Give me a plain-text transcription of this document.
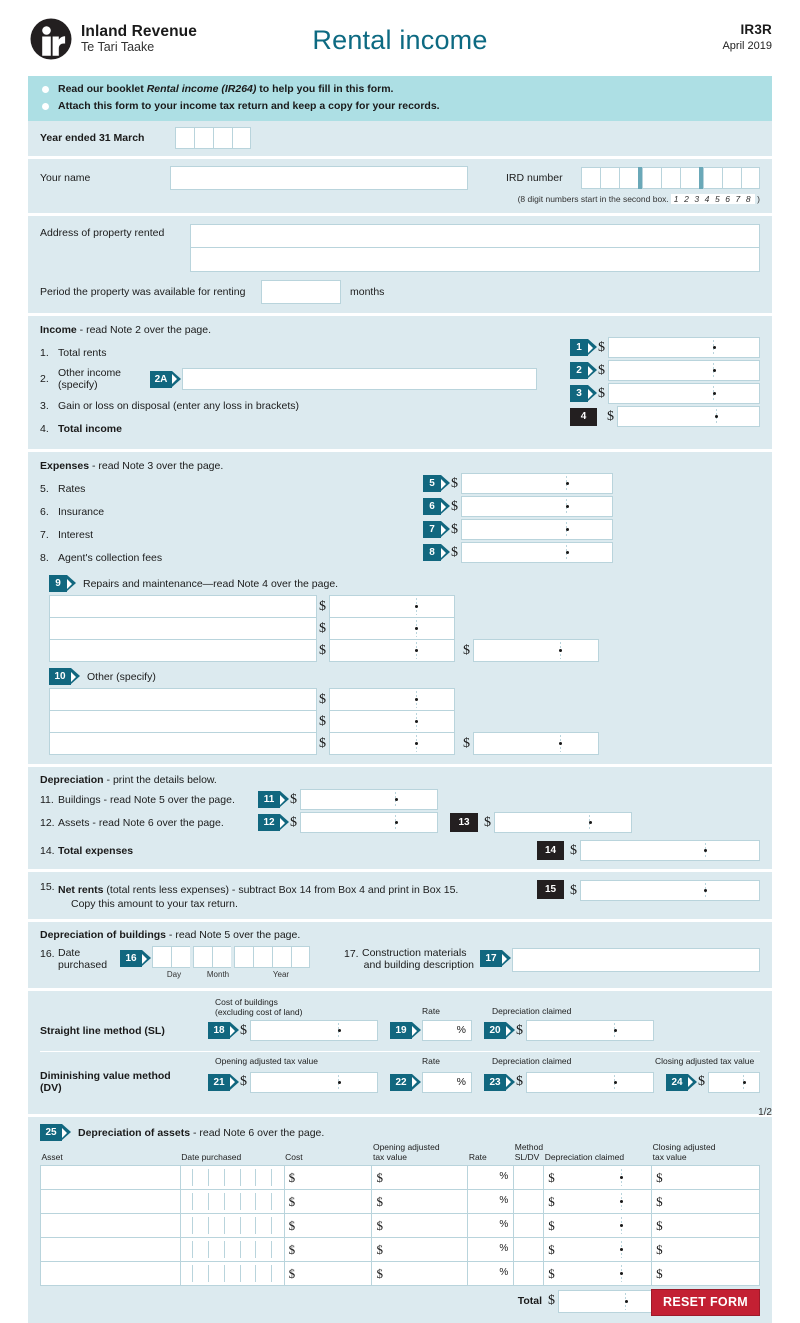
Inland Revenue
Te Tari Taake	Rental income	IR3R
April 2019
Read our booklet Rental income (IR264) to help you fill in this form.
Attach this form to your income tax return and keep a copy for your records.
Year ended 31 March
Your name	IRD number
(8 digit numbers start in the second box. 1 2 3 4 5 6 7 8 )
Address of property rented
Period the property was available for renting	months
Income - read Note 2 over the page.
1. Total rents
2. Other income
(specify)	2A
3. Gain or loss on disposal (enter any loss in brackets)
4. Total income
1 $
2 $
3 $
4 $
Expenses - read Note 3 over the page.
5. Rates
6. Insurance
7. Interest
8. Agent's collection fees
5 $
6 $
7 $
8 $
9 Repairs and maintenance—read Note 4 over the page.
$
$
$	$
10 Other (specify)
$
$
$	$
Depreciation - print the details below.
11. Buildings - read Note 5 over the page.	11 $
12. Assets - read Note 6 over the page.	12 $	13 $
14. Total expenses	14 $
15. Net rents (total rents less expenses) - subtract Box 14 from Box 4 and print in Box 15.
Copy this amount to your tax return.
15 $
Depreciation of buildings - read Note 5 over the page.
16. Date
purchased
16
Day	Month	Year
17. Construction materials
and building description
17
Cost of buildings
(excluding cost of land)	Rate	Depreciation claimed
Straight line method (SL)	18 $	19	% 20 $
Opening adjusted tax value	Rate	Depreciation claimed	Closing adjusted tax value
Diminishing value method
(DV)	21 $	22	% 23 $	24 $
25 Depreciation of assets - read Note 6 over the page.
Asset	Date purchased	Cost	Opening adjusted
tax value	Rate	Method
SL/DV	Depreciation claimed	Closing adjusted
tax value

		$	$	%		$	$

		$	$	%		$	$

		$	$	%		$	$

		$	$	%		$	$

		$	$	%		$	$
Total $	RESET FORM
1/2
